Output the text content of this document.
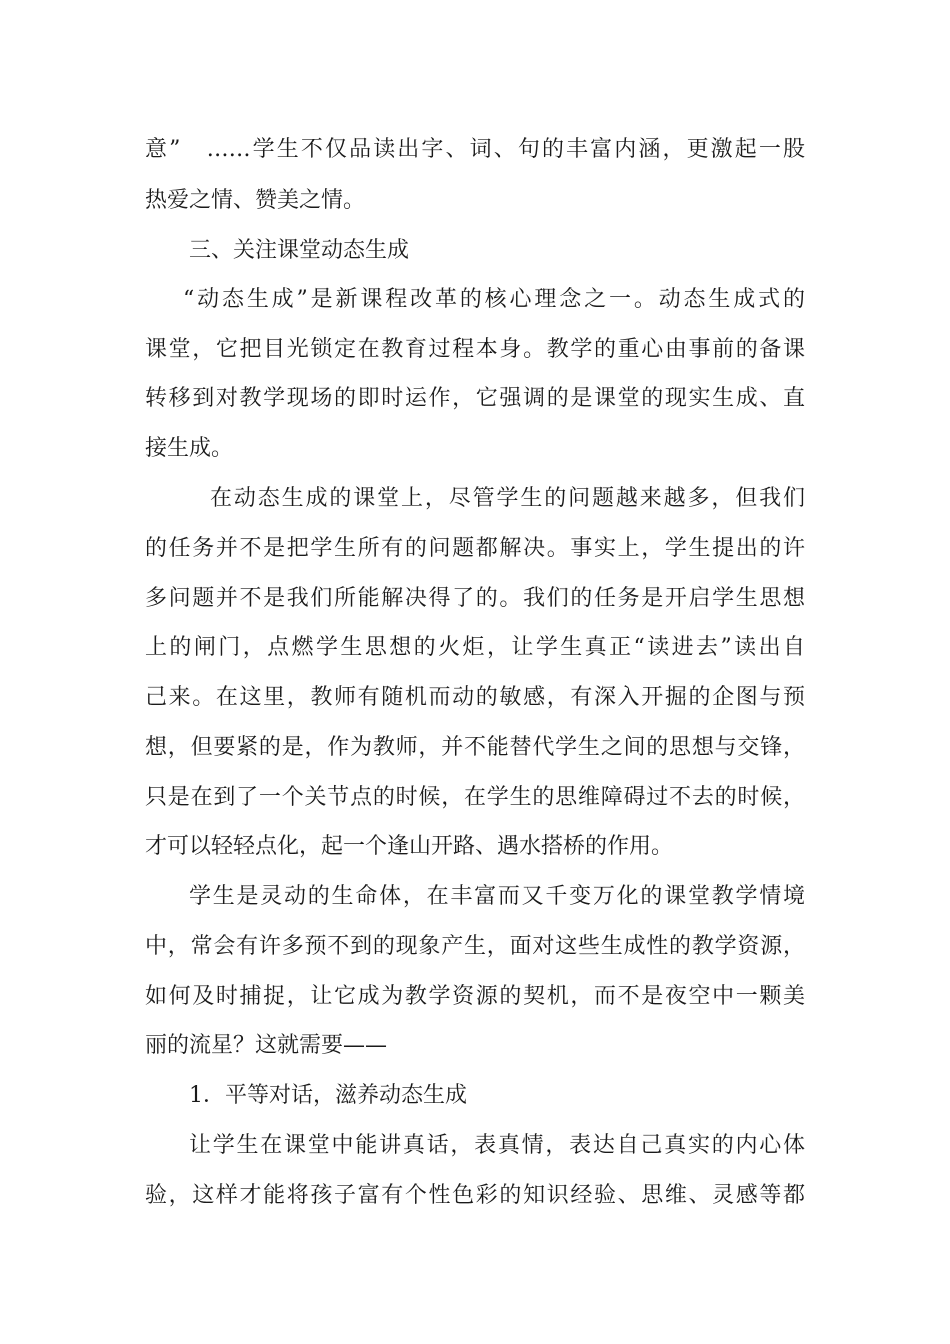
意”　……学生不仅品读出字、词、句的丰富内涵，更激起一股
热爱之情、赞美之情。
三、关注课堂动态生成
“动态生成”是新课程改革的核心理念之一。动态生成式的
课堂，它把目光锁定在教育过程本身。教学的重心由事前的备课
转移到对教学现场的即时运作，它强调的是课堂的现实生成、直
接生成。
在动态生成的课堂上，尽管学生的问题越来越多，但我们
的任务并不是把学生所有的问题都解决。事实上，学生提出的许
多问题并不是我们所能解决得了的。我们的任务是开启学生思想
上的闸门，点燃学生思想的火炬，让学生真正“读进去”读出自
己来。在这里，教师有随机而动的敏感，有深入开掘的企图与预
想，但要紧的是，作为教师，并不能替代学生之间的思想与交锋，
只是在到了一个关节点的时候，在学生的思维障碍过不去的时候，
才可以轻轻点化，起一个逢山开路、遇水搭桥的作用。
学生是灵动的生命体，在丰富而又千变万化的课堂教学情境
中，常会有许多预不到的现象产生，面对这些生成性的教学资源，
如何及时捕捉，让它成为教学资源的契机，而不是夜空中一颗美
丽的流星？这就需要——
1．平等对话，滋养动态生成
让学生在课堂中能讲真话，表真情，表达自己真实的内心体
验，这样才能将孩子富有个性色彩的知识经验、思维、灵感等都
